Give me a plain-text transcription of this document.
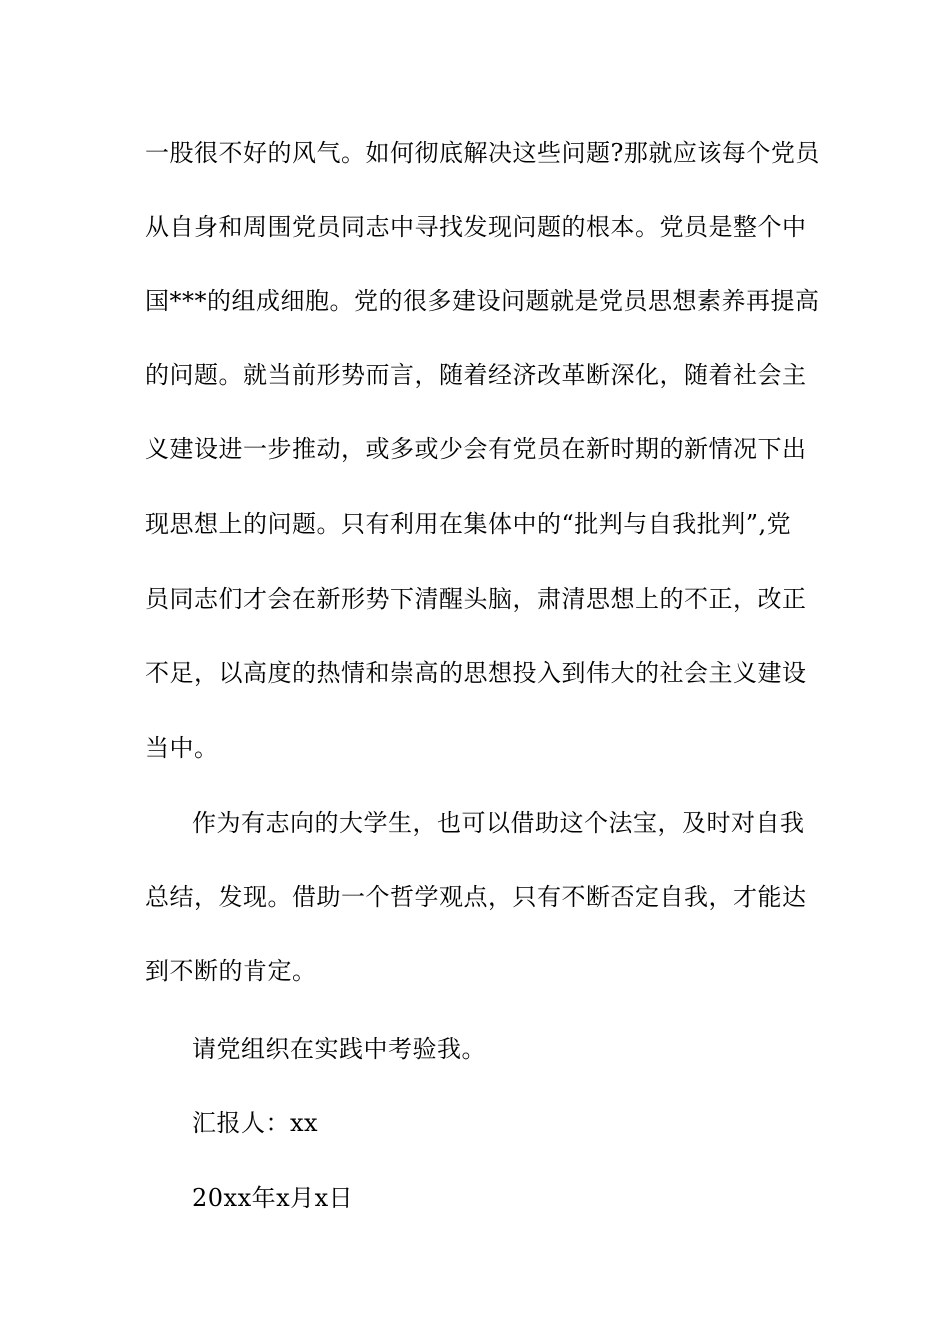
一股很不好的风气。如何彻底解决这些问题?那就应该每个党员
从自身和周围党员同志中寻找发现问题的根本。党员是整个中
国***的组成细胞。党的很多建设问题就是党员思想素养再提高
的问题。就当前形势而言，随着经济改革断深化，随着社会主
义建设进一步推动，或多或少会有党员在新时期的新情况下出
现思想上的问题。只有利用在集体中的“批判与自我批判”,党
员同志们才会在新形势下清醒头脑，肃清思想上的不正，改正
不足，以高度的热情和崇高的思想投入到伟大的社会主义建设
当中。
作为有志向的大学生，也可以借助这个法宝，及时对自我
总结，发现。借助一个哲学观点，只有不断否定自我，才能达
到不断的肯定。
请党组织在实践中考验我。
汇报人：xx
20xx年x月x日
